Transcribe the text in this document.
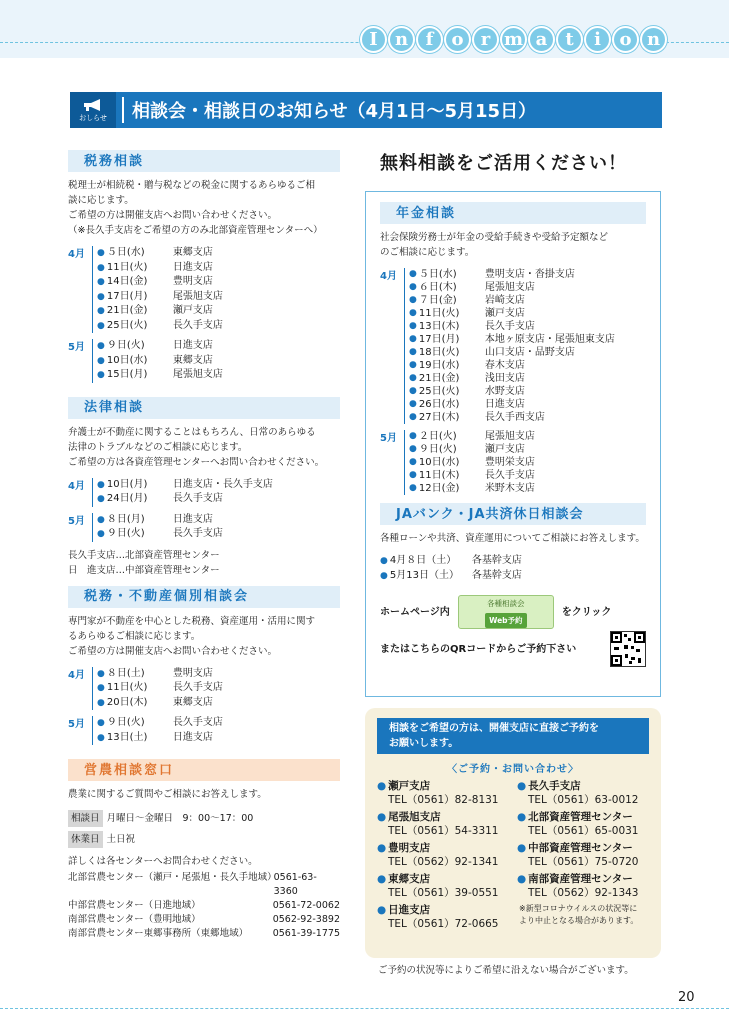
I n f	o r m a	t	i	o n
おしらせ 相談会・相談日のお知らせ（4月1日～5月15日）
税務相談
税理士が相続税・贈与税などの税金に関するあらゆるご相
談に応じます。
ご希望の方は開催支店へお問い合わせください。
（※長久手支店をご希望の方のみ北部資産管理センターへ）
4月	● ５日(水)	東郷支店
● 11日(火)	日進支店
● 14日(金)	豊明支店
● 17日(月)	尾張旭支店
● 21日(金)	瀬戸支店
● 25日(火)	長久手支店
5月	● ９日(火)	日進支店
● 10日(水)	東郷支店
● 15日(月)	尾張旭支店
法律相談
弁護士が不動産に関することはもちろん、日常のあらゆる
法律のトラブルなどのご相談に応じます。
ご希望の方は各資産管理センターへお問い合わせください。
4月	● 10日(月)	日進支店・長久手支店
● 24日(月)	長久手支店
5月	● ８日(月)	日進支店
● ９日(火)	長久手支店
長久手支店…北部資産管理センター
日　進支店…中部資産管理センター
税務・不動産個別相談会
専門家が不動産を中心とした税務、資産運用・活用に関す
るあらゆるご相談に応じます。
ご希望の方は開催支店へお問い合わせください。
4月	● ８日(土)	豊明支店
● 11日(火)	長久手支店
● 20日(木)	東郷支店
5月	● ９日(火)	長久手支店
● 13日(土)	日進支店
営農相談窓口
農業に関するご質問やご相談にお答えします。
相談日 月曜日～金曜日　9：00～17：00
休業日 土日祝
詳しくは各センターへお問合わせください。
北部営農センター（瀬戸・尾張旭・長久手地域）
0561-63-3360
中部営農センター（日進地域）	0561-72-0062
南部営農センター（豊明地域）	0562-92-3892
南部営農センター東郷事務所（東郷地域）	0561-39-1775
無料相談をご活用ください！
年金相談
社会保険労務士が年金の受給手続きや受給予定額など
のご相談に応じます。
4月	● ５日(水)	豊明支店・沓掛支店
● ６日(木)	尾張旭支店
● ７日(金)	岩崎支店
● 11日(火)	瀬戸支店
● 13日(木)	長久手支店
● 17日(月)	本地ヶ原支店・尾張旭東支店
● 18日(火)	山口支店・品野支店
● 19日(水)	春木支店
● 21日(金)	浅田支店
● 25日(火)	水野支店
● 26日(水)	日進支店
● 27日(木)	長久手西支店
5月	● ２日(火)	尾張旭支店
● ９日(火)	瀬戸支店
● 10日(水)	豊明栄支店
● 11日(木)	長久手支店
● 12日(金)	米野木支店
JAバンク・JA共済休日相談会
各種ローンや共済、資産運用についてご相談にお答えします。
● 4月８日（土）	各基幹支店
● 5月13日（土）	各基幹支店
ホームページ内
各種相談会
Web予約
をクリック
またはこちらのQRコードからご予約下さい
相談をご希望の方は、開催支店に直接ご予約を
お願いします。
〈ご予約・お問い合わせ〉
● 瀬戸支店
TEL（0561）82-8131
● 尾張旭支店
TEL（0561）54-3311
● 豊明支店
TEL（0562）92-1341
● 東郷支店
TEL（0561）39-0551
● 日進支店
TEL（0561）72-0665
● 長久手支店
TEL（0561）63-0012
● 北部資産管理センター
TEL（0561）65-0031
● 中部資産管理センター
TEL（0561）75-0720
● 南部資産管理センター
TEL（0562）92-1343
※新型コロナウイルスの状況等に
より中止となる場合があります。
ご予約の状況等によりご希望に沿えない場合がございます。
20
